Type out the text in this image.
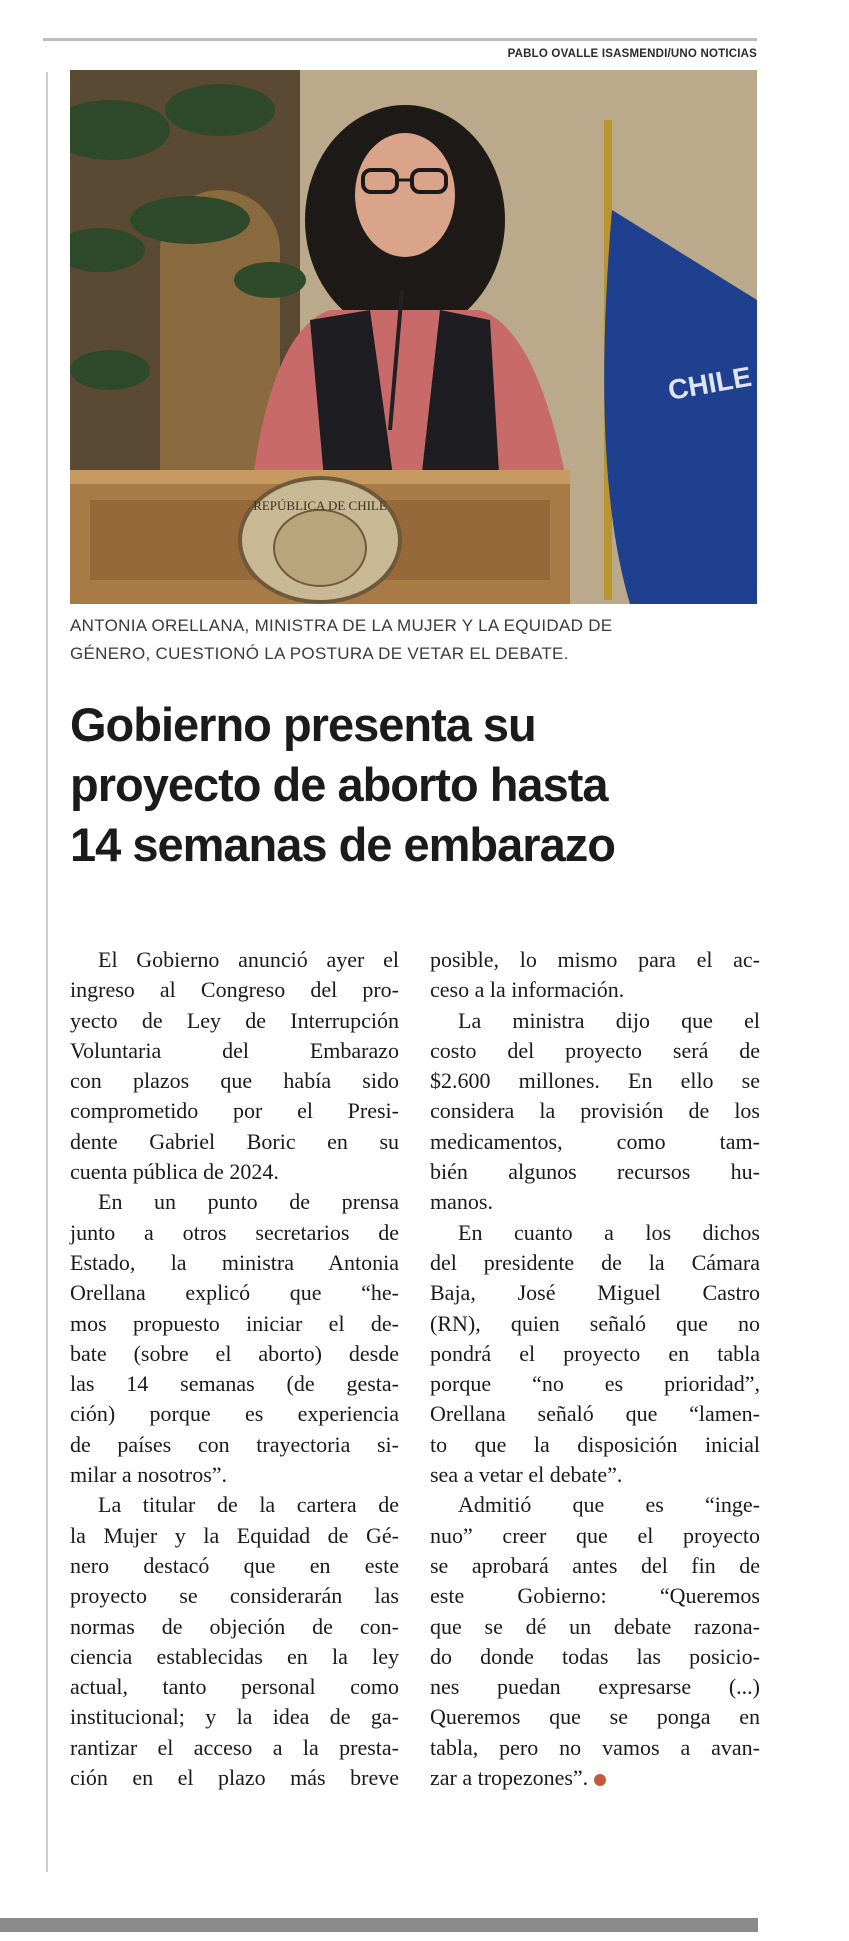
PABLO OVALLE ISASMENDI/UNO NOTICIAS
CHILE
REPÚBLICA DE CHILE
ANTONIA ORELLANA, MINISTRA DE LA MUJER Y LA EQUIDAD DE
GÉNERO, CUESTIONÓ LA POSTURA DE VETAR EL DEBATE.
Gobierno presenta su
proyecto de aborto hasta
14 semanas de embarazo
El Gobierno anunció ayer el
ingreso al Congreso del pro-
yecto de Ley de Interrupción
Voluntaria del Embarazo
con plazos que había sido
comprometido por el Presi-
dente Gabriel Boric en su
cuenta pública de 2024.
En un punto de prensa
junto a otros secretarios de
Estado, la ministra Antonia
Orellana explicó que “he-
mos propuesto iniciar el de-
bate (sobre el aborto) desde
las 14 semanas (de gesta-
ción) porque es experiencia
de países con trayectoria si-
milar a nosotros”.
La titular de la cartera de
la Mujer y la Equidad de Gé-
nero destacó que en este
proyecto se considerarán las
normas de objeción de con-
ciencia establecidas en la ley
actual, tanto personal como
institucional; y la idea de ga-
rantizar el acceso a la presta-
ción en el plazo más breve
posible, lo mismo para el ac-
ceso a la información.
La ministra dijo que el
costo del proyecto será de
$2.600 millones. En ello se
considera la provisión de los
medicamentos, como tam-
bién algunos recursos hu-
manos.
En cuanto a los dichos
del presidente de la Cámara
Baja, José Miguel Castro
(RN), quien señaló que no
pondrá el proyecto en tabla
porque “no es prioridad”,
Orellana señaló que “lamen-
to que la disposición inicial
sea a vetar el debate”.
Admitió que es “inge-
nuo” creer que el proyecto
se aprobará antes del fin de
este Gobierno: “Queremos
que se dé un debate razona-
do donde todas las posicio-
nes puedan expresarse (...)
Queremos que se ponga en
tabla, pero no vamos a avan-
zar a tropezones”.
